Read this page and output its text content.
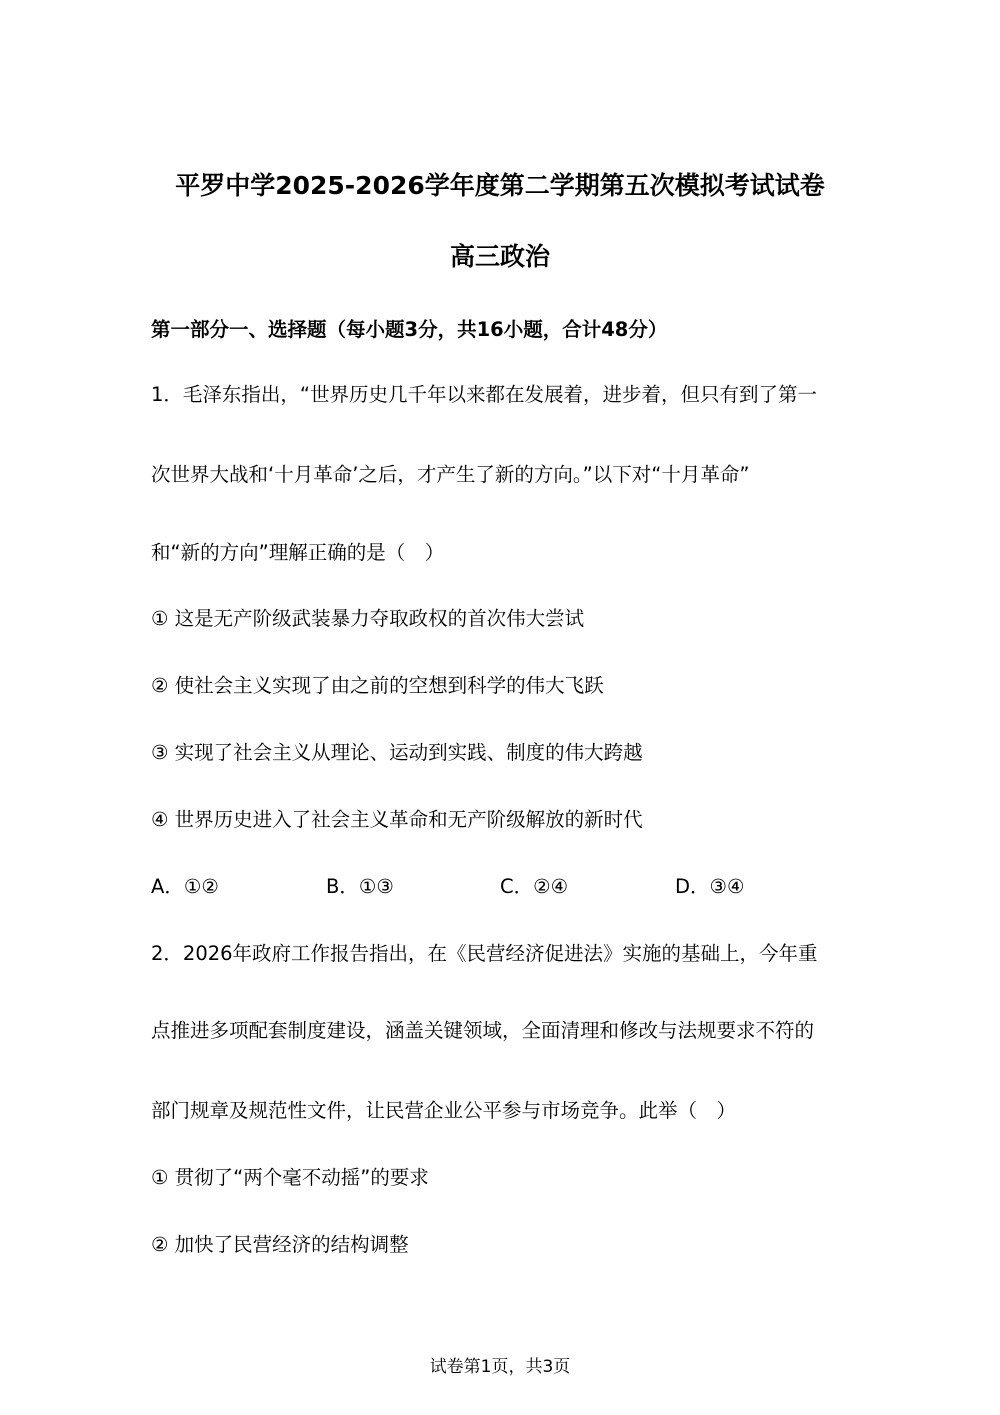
平罗中学2025-2026学年度第二学期第五次模拟考试试卷
高三政治
第一部分一、选择题（每小题3分，共16小题，合计48分）
1．毛泽东指出，“世界历史几千年以来都在发展着，进步着，但只有到了第一
次世界大战和‘十月革命’之后，才产生了新的方向。”以下对“十月革命”
和“新的方向”理解正确的是（　）
① 这是无产阶级武装暴力夺取政权的首次伟大尝试
② 使社会主义实现了由之前的空想到科学的伟大飞跃
③ 实现了社会主义从理论、运动到实践、制度的伟大跨越
④ 世界历史进入了社会主义革命和无产阶级解放的新时代
A．①②	B．①③	C．②④	D．③④
2．2026年政府工作报告指出，在《民营经济促进法》实施的基础上，今年重
点推进多项配套制度建设，涵盖关键领域，全面清理和修改与法规要求不符的
部门规章及规范性文件，让民营企业公平参与市场竞争。此举（　）
① 贯彻了“两个毫不动摇”的要求
② 加快了民营经济的结构调整
试卷第1页，共3页
